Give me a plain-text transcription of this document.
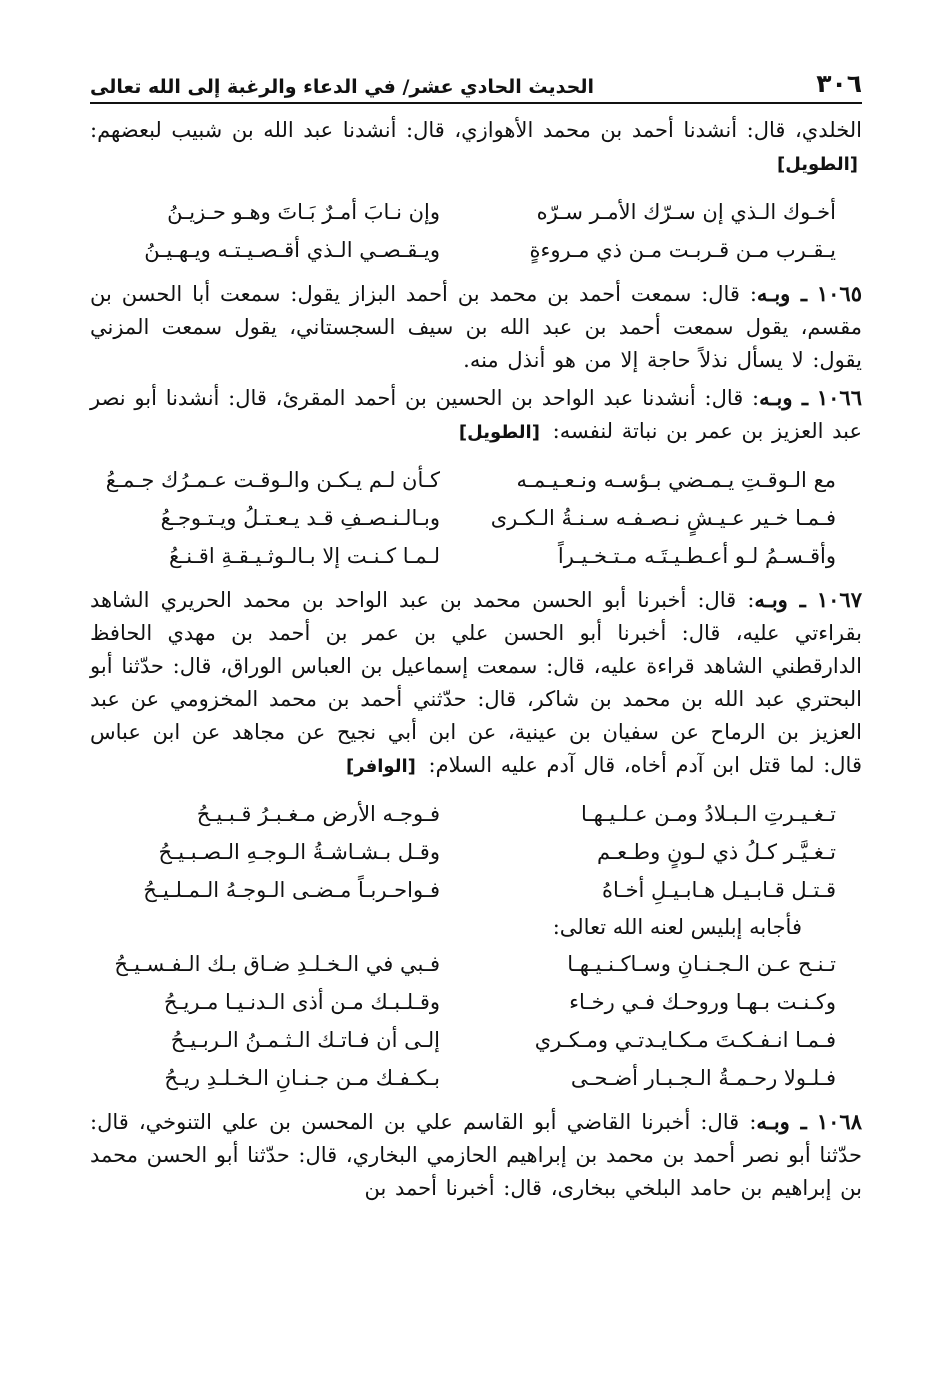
٣٠٦
الحديث الحادي عشر/ في الدعاء والرغبة إلى الله تعالى

الخلدي، قال: أنشدنا أحمد بن محمد الأهوازي، قال: أنشدنا عبد الله بن شبيب لبعضهم: [الطويل]

أخـوك الـذي إن سـرّك الأمـر سـرّه
وإن نـابَ أمـرٌ بَـاتَ وهـو حـزيـنُ
يـقـرب مـن قـربـت مـن ذي مـروءةٍ
ويـقـصـي الـذي أقـصـيـتـه ويـهـيـنُ

١٠٦٥ ـ وبـه: قال: سمعت أحمد بن محمد بن أحمد البزاز يقول: سمعت أبا الحسن بن مقسم، يقول سمعت أحمد بن عبد الله بن سيف السجستاني، يقول سمعت المزني يقول: لا يسأل نذلاً حاجة إلا من هو أنذل منه.

١٠٦٦ ـ وبـه: قال: أنشدنا عبد الواحد بن الحسين بن أحمد المقرئ، قال: أنشدنا أبو نصر عبد العزيز بن عمر بن نباتة لنفسه: [الطويل]

مع الـوقـتِ يـمـضي بـؤسـه ونـعـيـمـه
كـأن لـم يـكـن والـوقـت عـمـرُك جـمـعُ
فـمـا خـير عـيـشٍ نـصـفـه سـنـةُ الـكـرى
وبـالـنـصـفِ قـد يـعـتـلُ ويـتـوجـعُ
وأقـسـمُ لـو أعـطـيـتَـه مـتـخـيـراً
لـمـا كـنـت إلا بـالـوثـيـقـةِ اقـنـعُ

١٠٦٧ ـ وبـه: قال: أخبرنا أبو الحسن محمد بن عبد الواحد بن محمد الحريري الشاهد بقراءتي عليه، قال: أخبرنا أبو الحسن علي بن عمر بن أحمد بن مهدي الحافظ الدارقطني الشاهد قراءة عليه، قال: سمعت إسماعيل بن العباس الوراق، قال: حدّثنا أبو البحتري عبد الله بن محمد بن شاكر، قال: حدّثني أحمد بن محمد المخزومي عن عبد العزيز بن الرماح عن سفيان بن عينية، عن ابن أبي نجيح عن مجاهد عن ابن عباس قال: لما قتل ابن آدم أخاه، قال آدم عليه السلام: [الوافر]

تـغـيـرتِ الـبـلادُ ومـن عـلـيـهـا
فـوجـه الأرض مـغـبـرُ قـبـيـحُ
تـغـيَّـر كـلُ ذي لـونٍ وطـعـم
وقـل بـشـاشـةُ الـوجـهِ الـصـبـيـحُ
قـتـل قـابـيـل هـابـيـلِ أخـاهُ
فـواحـربـاً مـضـى الـوجـهُ الـمـلـيـحُ
فأجابه إبليس لعنه الله تعالى:
تـنـح عـن الـجـنـانِ وسـاكـنـيـهـا
فـبي في الـخـلـدِ ضـاق بـك الـفـسـيـحُ
وكـنـت بـهـا وروحـك فـي رخـاء
وقـلـبـك مـن أذى الـدنـيـا مـريـحُ
فـمـا انـفـكـتَ مـكـايـدتـي ومـكـري
إلـى أن فـاتـك الـثـمـنُ الـربـيـحُ
فـلـولا رحـمـةُ الـجـبـار أضـحـى
بـكـفـك مـن جـنـانِ الـخـلـدِ ريـحُ

١٠٦٨ ـ وبـه: قال: أخبرنا القاضي أبو القاسم علي بن المحسن بن علي التنوخي، قال: حدّثنا أبو نصر أحمد بن محمد بن إبراهيم الحازمي البخاري، قال: حدّثنا أبو الحسن محمد بن إبراهيم بن حامد البلخي ببخارى، قال: أخبرنا أحمد بن
